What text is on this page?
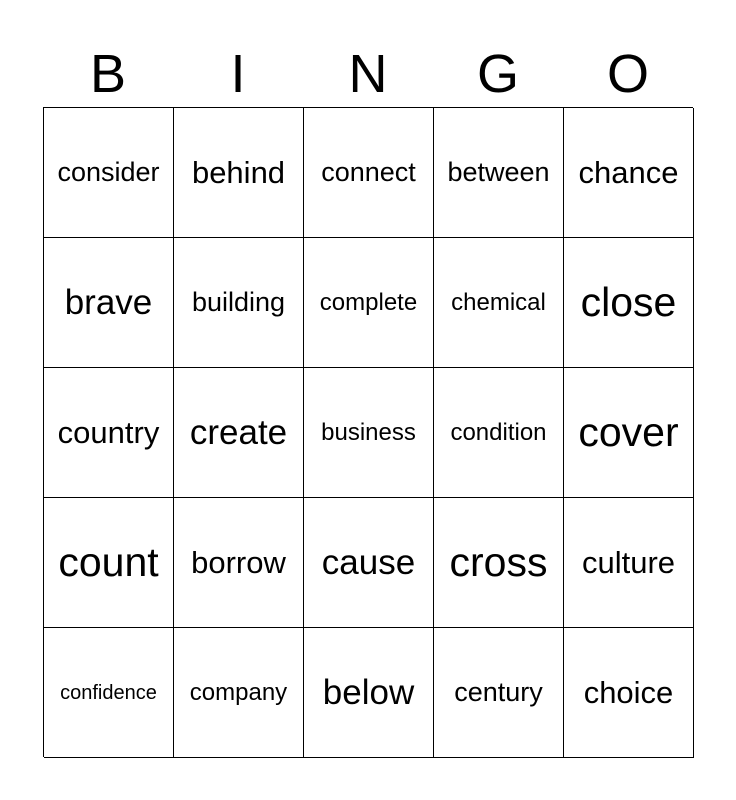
B	I	N	G	O
consider behind connect between chance
brave building complete chemical close
country create business condition cover
count borrow cause cross culture
confidence company below century choice
